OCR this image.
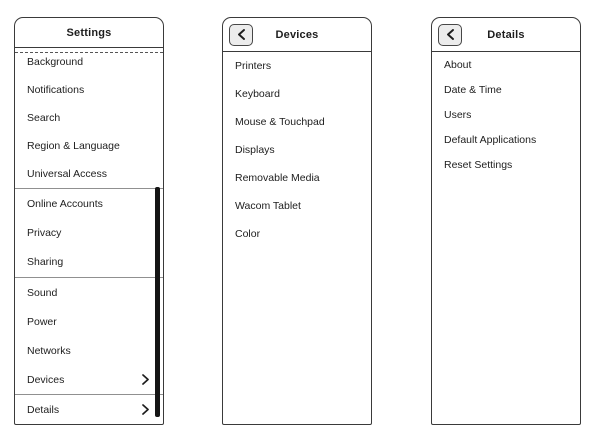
Settings
Background
Notifications
Search
Region & Language
Universal Access
Online Accounts
Privacy
Sharing
Sound
Power
Networks
Devices
Details
Devices
Printers
Keyboard
Mouse & Touchpad
Displays
Removable Media
Wacom Tablet
Color
Details
About
Date & Time
Users
Default Applications
Reset Settings
